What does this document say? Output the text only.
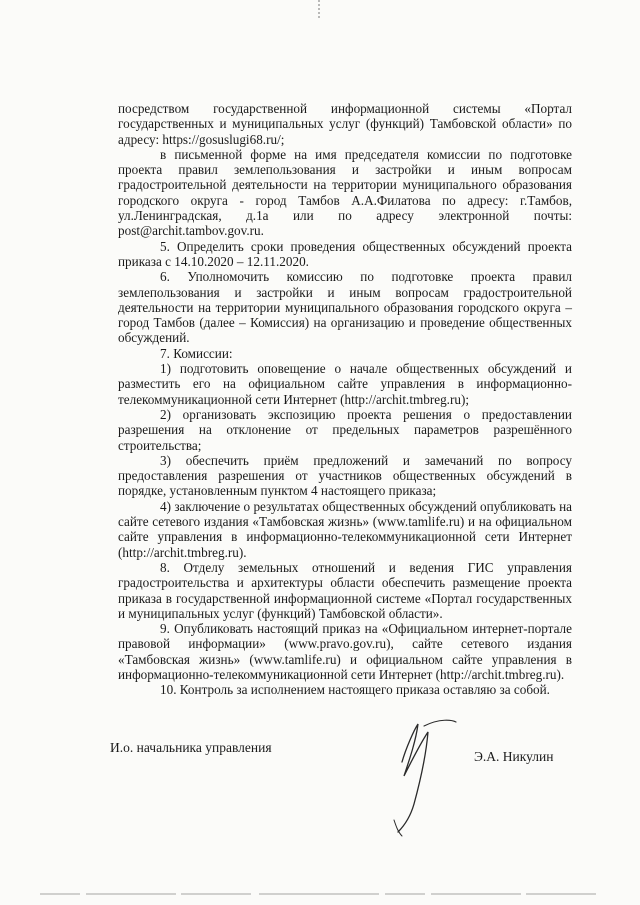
посредством государственной информационной системы «Портал государственных и муниципальных услуг (функций) Тамбовской области» по адресу: https://gosuslugi68.ru/;

в письменной форме на имя председателя комиссии по подготовке проекта правил землепользования и застройки и иным вопросам градостроительной деятельности на территории муниципального образования городского округа - город Тамбов А.А.Филатова по адресу: г.Тамбов, ул.Ленинградская, д.1а или по адресу электронной почты: post@archit.tambov.gov.ru.

5. Определить сроки проведения общественных обсуждений проекта приказа с 14.10.2020 – 12.11.2020.

6. Уполномочить комиссию по подготовке проекта правил землепользования и застройки и иным вопросам градостроительной деятельности на территории муниципального образования городского округа – город Тамбов (далее – Комиссия) на организацию и проведение общественных обсуждений.

7. Комиссии:

1) подготовить оповещение о начале общественных обсуждений и разместить его на официальном сайте управления в информационно-телекоммуникационной сети Интернет (http://archit.tmbreg.ru);

2) организовать экспозицию проекта решения о предоставлении разрешения на отклонение от предельных параметров разрешённого строительства;

3) обеспечить приём предложений и замечаний по вопросу предоставления разрешения от участников общественных обсуждений в порядке, установленным пунктом 4 настоящего приказа;

4) заключение о результатах общественных обсуждений опубликовать на сайте сетевого издания «Тамбовская жизнь» (www.tamlife.ru) и на официальном сайте управления в информационно-телекоммуникационной сети Интернет (http://archit.tmbreg.ru).

8. Отделу земельных отношений и ведения ГИС управления градостроительства и архитектуры области обеспечить размещение проекта приказа в государственной информационной системе «Портал государственных и муниципальных услуг (функций) Тамбовской области».

9. Опубликовать настоящий приказ на «Официальном интернет-портале правовой информации» (www.pravo.gov.ru), сайте сетевого издания «Тамбовская жизнь» (www.tamlife.ru) и официальном сайте управления в информационно-телекоммуникационной сети Интернет (http://archit.tmbreg.ru).

10. Контроль за исполнением настоящего приказа оставляю за собой.

И.о. начальника управления
Э.А. Никулин
